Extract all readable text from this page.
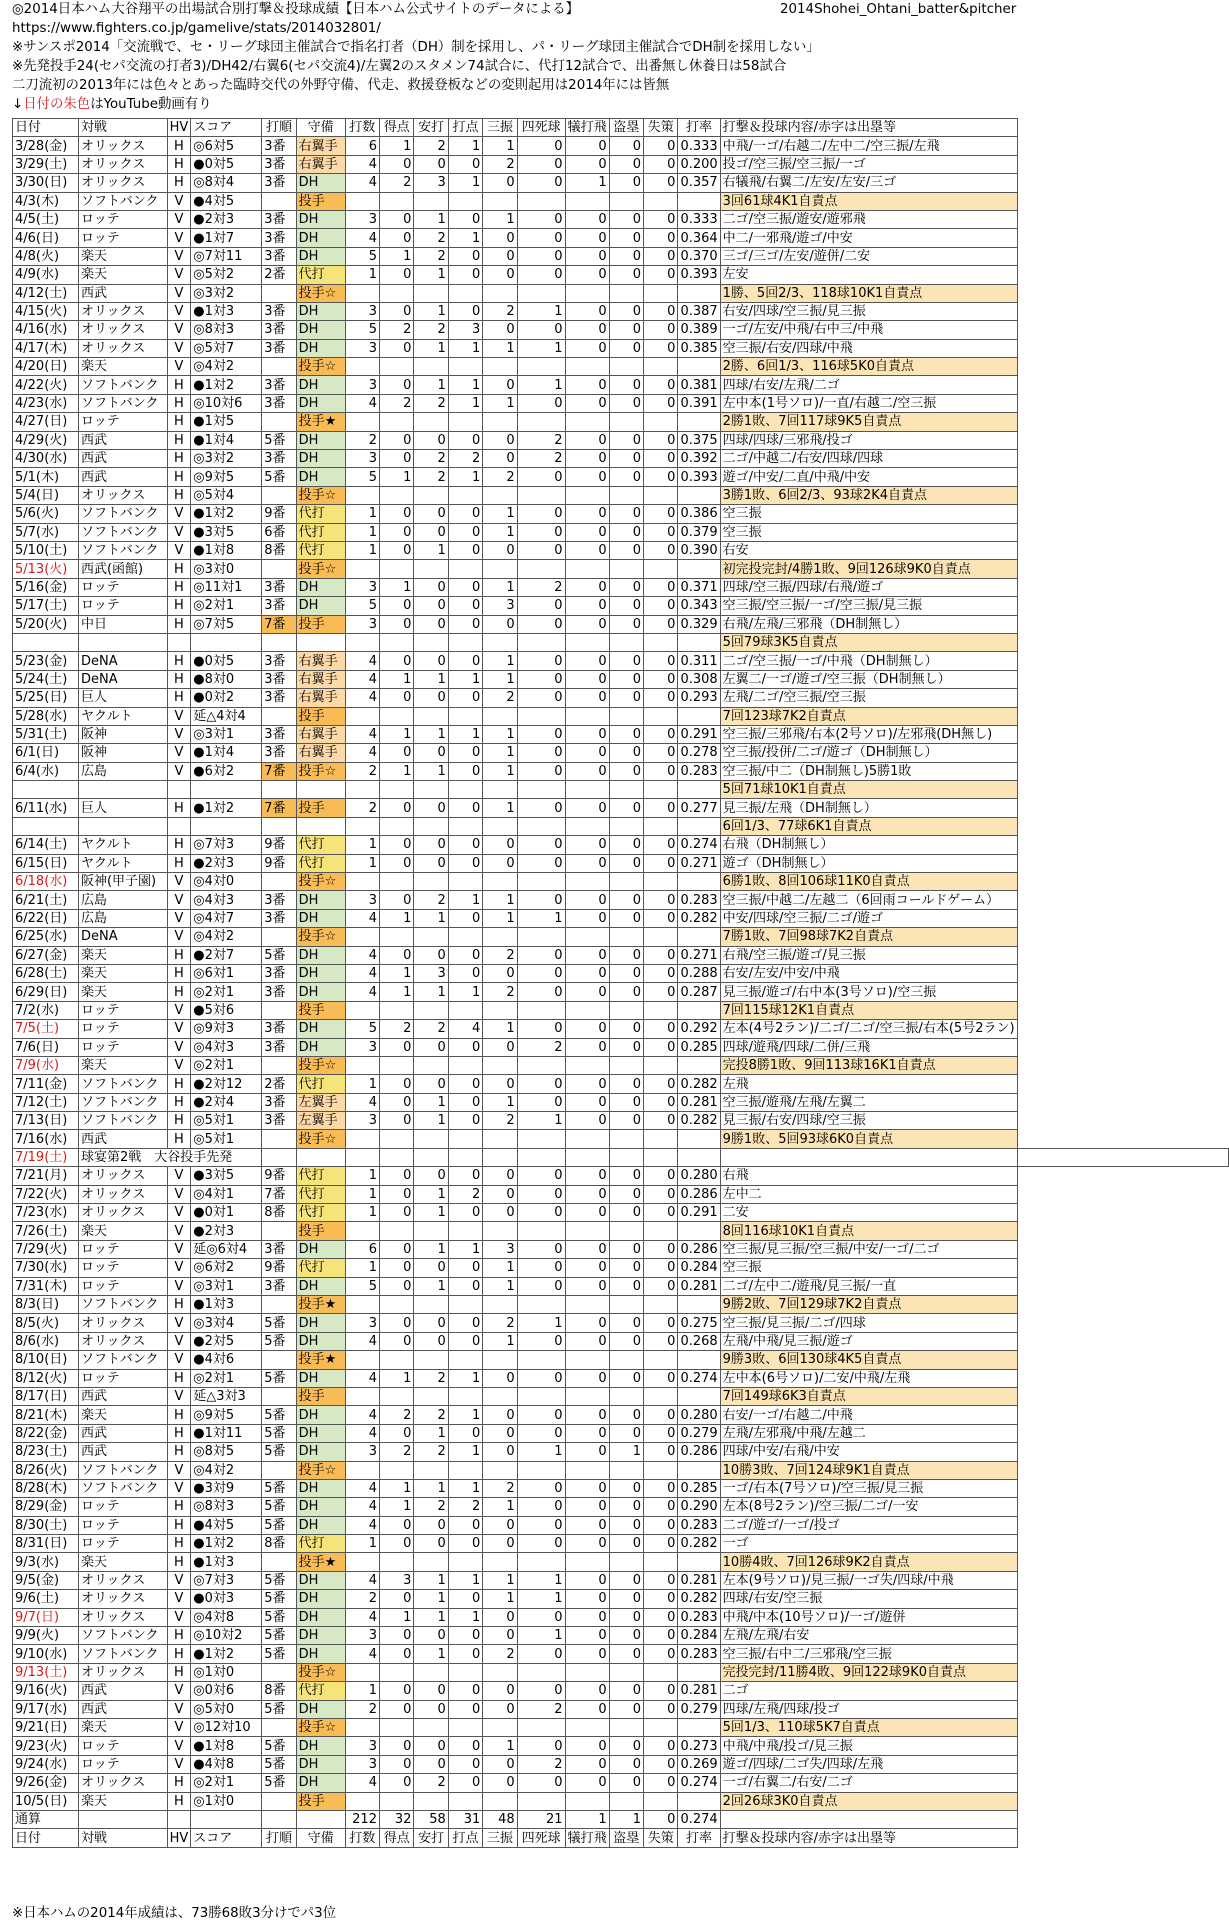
◎2014日本ハム大谷翔平の出場試合別打撃＆投球成績【日本ハム公式サイトのデータによる】	2014Shohei_Ohtani_batter&pitcher
https://www.fighters.co.jp/gamelive/stats/2014032801/
※サンスポ2014「交流戦で、セ・リーグ球団主催試合で指名打者（DH）制を採用し、パ・リーグ球団主催試合でDH制を採用しない」
※先発投手24(セパ交流の打者3)/DH42/右翼6(セパ交流4)/左翼2のスタメン74試合に、代打12試合で、出番無し休養日は58試合
二刀流初の2013年には色々とあった臨時交代の外野守備、代走、救援登板などの変則起用は2014年には皆無
↓日付の朱色はYouTube動画有り
日付	対戦	HV	スコア	打順	守備	打数	得点	安打	打点	三振	四死球	犠打飛	盗塁	失策	打率	打撃＆投球内容/赤字は出塁等	
3/28(金)	オリックス	H	◎6対5	3番	右翼手	6	1	2	1	1	0	0	0	0	0.333	中飛/一ゴ/右越二/左中二/空三振/左飛	
3/29(土)	オリックス	H	●0対5	3番	右翼手	4	0	0	0	2	0	0	0	0	0.200	投ゴ/空三振/空三振/一ゴ	
3/30(日)	オリックス	H	◎8対4	3番	DH	4	2	3	1	0	0	1	0	0	0.357	右犠飛/右翼二/左安/左安/三ゴ	
4/3(木)	ソフトバンク	V	●4対5		投手											3回61球4K1自責点	
4/5(土)	ロッテ	V	●2対3	3番	DH	3	0	1	0	1	0	0	0	0	0.333	二ゴ/空三振/遊安/遊邪飛	
4/6(日)	ロッテ	V	●1対7	3番	DH	4	0	2	1	0	0	0	0	0	0.364	中二/一邪飛/遊ゴ/中安	
4/8(火)	楽天	V	◎7対11	3番	DH	5	1	2	0	0	0	0	0	0	0.370	三ゴ/三ゴ/左安/遊併/二安	
4/9(水)	楽天	V	◎5対2	2番	代打	1	0	1	0	0	0	0	0	0	0.393	左安	
4/12(土)	西武	V	◎3対2		投手☆											1勝、5回2/3、118球10K1自責点	
4/15(火)	オリックス	V	●1対3	3番	DH	3	0	1	0	2	1	0	0	0	0.387	右安/四球/空三振/見三振	
4/16(水)	オリックス	V	◎8対3	3番	DH	5	2	2	3	0	0	0	0	0	0.389	一ゴ/左安/中飛/右中三/中飛	
4/17(木)	オリックス	V	◎5対7	3番	DH	3	0	1	1	1	1	0	0	0	0.385	空三振/右安/四球/中飛	
4/20(日)	楽天	V	◎4対2		投手☆											2勝、6回1/3、116球5K0自責点	
4/22(火)	ソフトバンク	H	●1対2	3番	DH	3	0	1	1	0	1	0	0	0	0.381	四球/右安/左飛/二ゴ	
4/23(水)	ソフトバンク	H	◎10対6	3番	DH	4	2	2	1	1	0	0	0	0	0.391	左中本(1号ソロ)/一直/右越二/空三振	
4/27(日)	ロッテ	H	●1対5		投手★											2勝1敗、7回117球9K5自責点	
4/29(火)	西武	H	●1対4	5番	DH	2	0	0	0	0	2	0	0	0	0.375	四球/四球/三邪飛/投ゴ	
4/30(水)	西武	H	◎3対2	3番	DH	3	0	2	2	0	2	0	0	0	0.392	二ゴ/中越二/右安/四球/四球	
5/1(木)	西武	H	◎9対5	5番	DH	5	1	2	1	2	0	0	0	0	0.393	遊ゴ/中安/二直/中飛/中安	
5/4(日)	オリックス	H	◎5対4		投手☆											3勝1敗、6回2/3、93球2K4自責点	
5/6(火)	ソフトバンク	V	●1対2	9番	代打	1	0	0	0	1	0	0	0	0	0.386	空三振	
5/7(水)	ソフトバンク	V	●3対5	6番	代打	1	0	0	0	1	0	0	0	0	0.379	空三振	
5/10(土)	ソフトバンク	V	●1対8	8番	代打	1	0	1	0	0	0	0	0	0	0.390	右安	
5/13(火)	西武(函館)	H	◎3対0		投手☆											初完投完封/4勝1敗、9回126球9K0自責点	
5/16(金)	ロッテ	H	◎11対1	3番	DH	3	1	0	0	1	2	0	0	0	0.371	四球/空三振/四球/右飛/遊ゴ	
5/17(土)	ロッテ	H	◎2対1	3番	DH	5	0	0	0	3	0	0	0	0	0.343	空三振/空三振/一ゴ/空三振/見三振	
5/20(火)	中日	H	◎7対5	7番	投手	3	0	0	0	0	0	0	0	0	0.329	右飛/左飛/三邪飛（DH制無し）	
																5回79球3K5自責点	
5/23(金)	DeNA	H	●0対5	3番	右翼手	4	0	0	0	1	0	0	0	0	0.311	二ゴ/空三振/一ゴ/中飛（DH制無し）	
5/24(土)	DeNA	H	●8対0	3番	右翼手	4	1	1	1	1	0	0	0	0	0.308	左翼二/一ゴ/遊ゴ/空三振（DH制無し）	
5/25(日)	巨人	H	●0対2	3番	右翼手	4	0	0	0	2	0	0	0	0	0.293	左飛/二ゴ/空三振/空三振	
5/28(水)	ヤクルト	V	延△4対4		投手											7回123球7K2自責点	
5/31(土)	阪神	V	◎3対1	3番	右翼手	4	1	1	1	1	0	0	0	0	0.291	空三振/三邪飛/右本(2号ソロ)/左邪飛(DH無し)	
6/1(日)	阪神	V	●1対4	3番	右翼手	4	0	0	0	1	0	0	0	0	0.278	空三振/投併/二ゴ/遊ゴ（DH制無し）	
6/4(水)	広島	V	●6対2	7番	投手☆	2	1	1	0	1	0	0	0	0	0.283	空三振/中二（DH制無し)5勝1敗	
																5回71球10K1自責点	
6/11(水)	巨人	H	●1対2	7番	投手	2	0	0	0	1	0	0	0	0	0.277	見三振/左飛（DH制無し）	
																6回1/3、77球6K1自責点	
6/14(土)	ヤクルト	H	◎7対3	9番	代打	1	0	0	0	0	0	0	0	0	0.274	右飛（DH制無し）	
6/15(日)	ヤクルト	H	●2対3	9番	代打	1	0	0	0	0	0	0	0	0	0.271	遊ゴ（DH制無し）	
6/18(水)	阪神(甲子園)	V	◎4対0		投手☆											6勝1敗、8回106球11K0自責点	
6/21(土)	広島	V	◎4対3	3番	DH	3	0	2	1	1	0	0	0	0	0.283	空三振/中越二/左越二（6回雨コールドゲーム）	
6/22(日)	広島	V	◎4対7	3番	DH	4	1	1	0	1	1	0	0	0	0.282	中安/四球/空三振/二ゴ/遊ゴ	
6/25(水)	DeNA	V	◎4対2		投手☆											7勝1敗、7回98球7K2自責点	
6/27(金)	楽天	H	●2対7	5番	DH	4	0	0	0	2	0	0	0	0	0.271	右飛/空三振/遊ゴ/見三振	
6/28(土)	楽天	H	◎6対1	3番	DH	4	1	3	0	0	0	0	0	0	0.288	右安/左安/中安/中飛	
6/29(日)	楽天	H	◎2対1	3番	DH	4	1	1	1	2	0	0	0	0	0.287	見三振/遊ゴ/右中本(3号ソロ)/空三振	
7/2(水)	ロッテ	V	●5対6		投手											7回115球12K1自責点	
7/5(土)	ロッテ	V	◎9対3	3番	DH	5	2	2	4	1	0	0	0	0	0.292	左本(4号2ラン)/二ゴ/二ゴ/空三振/右本(5号2ラン)	
7/6(日)	ロッテ	V	◎4対3	3番	DH	3	0	0	0	0	2	0	0	0	0.285	四球/遊飛/四球/二併/三飛	
7/9(水)	楽天	V	◎2対1		投手☆											完投8勝1敗、9回113球16K1自責点	
7/11(金)	ソフトバンク	H	●2対12	2番	代打	1	0	0	0	0	0	0	0	0	0.282	左飛	
7/12(土)	ソフトバンク	H	●2対4	3番	左翼手	4	0	1	0	1	0	0	0	0	0.281	空三振/遊飛/左飛/左翼二	
7/13(日)	ソフトバンク	H	◎5対1	3番	左翼手	3	0	1	0	2	1	0	0	0	0.282	見三振/右安/四球/空三振	
7/16(水)	西武	H	◎5対1		投手☆											9勝1敗、5回93球6K0自責点	
7/19(土)	球宴第2戦　大谷投手先発																
7/21(月)	オリックス	V	●3対5	9番	代打	1	0	0	0	0	0	0	0	0	0.280	右飛	
7/22(火)	オリックス	V	◎4対1	7番	代打	1	0	1	2	0	0	0	0	0	0.286	左中二	
7/23(水)	オリックス	V	●0対1	8番	代打	1	0	1	0	0	0	0	0	0	0.291	二安	
7/26(土)	楽天	V	●2対3		投手											8回116球10K1自責点	
7/29(火)	ロッテ	V	延◎6対4	3番	DH	6	0	1	1	3	0	0	0	0	0.286	空三振/見三振/空三振/中安/一ゴ/二ゴ	
7/30(水)	ロッテ	V	◎6対2	9番	代打	1	0	0	0	1	0	0	0	0	0.284	空三振	
7/31(木)	ロッテ	V	◎3対1	3番	DH	5	0	1	0	1	0	0	0	0	0.281	二ゴ/左中二/遊飛/見三振/一直	
8/3(日)	ソフトバンク	H	●1対3		投手★											9勝2敗、7回129球7K2自責点	
8/5(火)	オリックス	V	◎3対4	5番	DH	3	0	0	0	2	1	0	0	0	0.275	空三振/見三振/二ゴ/四球	
8/6(水)	オリックス	V	●2対5	5番	DH	4	0	0	0	1	0	0	0	0	0.268	左飛/中飛/見三振/遊ゴ	
8/10(日)	ソフトバンク	V	●4対6		投手★											9勝3敗、6回130球4K5自責点	
8/12(火)	ロッテ	H	◎2対1	5番	DH	4	1	2	1	0	0	0	0	0	0.274	左中本(6号ソロ)/二安/中飛/左飛	
8/17(日)	西武	V	延△3対3		投手											7回149球6K3自責点	
8/21(木)	楽天	H	◎9対5	5番	DH	4	2	2	1	0	0	0	0	0	0.280	右安/一ゴ/右越二/中飛	
8/22(金)	西武	H	●1対11	5番	DH	4	0	1	0	0	0	0	0	0	0.279	左飛/左邪飛/中飛/左越二	
8/23(土)	西武	H	◎8対5	5番	DH	3	2	2	1	0	1	0	1	0	0.286	四球/中安/右飛/中安	
8/26(火)	ソフトバンク	V	◎4対2		投手☆											10勝3敗、7回124球9K1自責点	
8/28(木)	ソフトバンク	V	●3対9	5番	DH	4	1	1	1	2	0	0	0	0	0.285	一ゴ/右本(7号ソロ)/空三振/見三振	
8/29(金)	ロッテ	H	◎8対3	5番	DH	4	1	2	2	1	0	0	0	0	0.290	左本(8号2ラン)/空三振/二ゴ/一安	
8/30(土)	ロッテ	H	●4対5	5番	DH	4	0	0	0	0	0	0	0	0	0.283	二ゴ/遊ゴ/一ゴ/投ゴ	
8/31(日)	ロッテ	H	●1対2	8番	代打	1	0	0	0	0	0	0	0	0	0.282	一ゴ	
9/3(水)	楽天	H	●1対3		投手★											10勝4敗、7回126球9K2自責点	
9/5(金)	オリックス	V	◎7対3	5番	DH	4	3	1	1	1	1	0	0	0	0.281	左本(9号ソロ)/見三振/一ゴ失/四球/中飛	
9/6(土)	オリックス	V	●0対3	5番	DH	2	0	1	0	1	1	0	0	0	0.282	四球/右安/空三振	
9/7(日)	オリックス	V	◎4対8	5番	DH	4	1	1	1	0	0	0	0	0	0.283	中飛/中本(10号ソロ)/一ゴ/遊併	
9/9(火)	ソフトバンク	H	◎10対2	5番	DH	3	0	0	0	0	1	0	0	0	0.284	左飛/左飛/右安	
9/10(水)	ソフトバンク	H	●1対2	5番	DH	4	0	1	0	2	0	0	0	0	0.283	空三振/右中二/三邪飛/空三振	
9/13(土)	オリックス	H	◎1対0		投手☆											完投完封/11勝4敗、9回122球9K0自責点	
9/16(火)	西武	V	◎0対6	8番	代打	1	0	0	0	0	0	0	0	0	0.281	二ゴ	
9/17(水)	西武	V	◎5対0	5番	DH	2	0	0	0	0	2	0	0	0	0.279	四球/左飛/四球/投ゴ	
9/21(日)	楽天	V	◎12対10		投手☆											5回1/3、110球5K7自責点	
9/23(火)	ロッテ	V	●1対8	5番	DH	3	0	0	0	1	0	0	0	0	0.273	中飛/中飛/投ゴ/見三振	
9/24(水)	ロッテ	V	●4対8	5番	DH	3	0	0	0	0	2	0	0	0	0.269	遊ゴ/四球/二ゴ失/四球/左飛	
9/26(金)	オリックス	H	◎2対1	5番	DH	4	0	2	0	0	0	0	0	0	0.274	一ゴ/右翼二/右安/二ゴ	
10/5(日)	楽天	H	◎1対0		投手											2回26球3K0自責点	
通算						212	32	58	31	48	21	1	1	0	0.274		
日付	対戦	HV	スコア	打順	守備	打数	得点	安打	打点	三振	四死球	犠打飛	盗塁	失策	打率	打撃＆投球内容/赤字は出塁等	
※日本ハムの2014年成績は、73勝68敗3分けでパ3位
